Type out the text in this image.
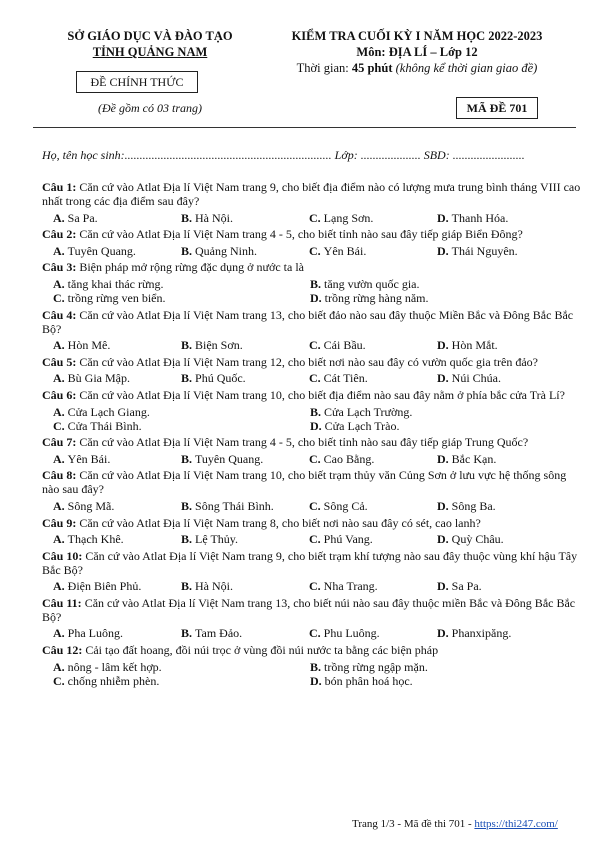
SỞ GIÁO DỤC VÀ ĐÀO TẠO
TỈNH QUẢNG NAM
ĐỀ CHÍNH THỨC
(Đề gồm có 03 trang)
KIỂM TRA CUỐI KỲ I NĂM HỌC 2022-2023
Môn: ĐỊA LÍ – Lớp 12
Thời gian: 45 phút (không kể thời gian giao đề)
MÃ ĐỀ 701
Họ, tên học sinh:..................................................................... Lớp: .................... SBD: ........................
Câu 1: Căn cứ vào Atlat Địa lí Việt Nam trang 9, cho biết địa điểm nào có lượng mưa trung bình tháng VIII cao nhất trong các địa điểm sau đây?
A. Sa Pa.	B. Hà Nội.	C. Lạng Sơn.	D. Thanh Hóa.
Câu 2: Căn cứ vào Atlat Địa lí Việt Nam trang 4 - 5, cho biết tỉnh nào sau đây tiếp giáp Biển Đông?
A. Tuyên Quang.	B. Quảng Ninh.	C. Yên Bái.	D. Thái Nguyên.
Câu 3: Biện pháp mở rộng rừng đặc dụng ở nước ta là
A. tăng khai thác rừng.	B. tăng vườn quốc gia.
C. trồng rừng ven biển.	D. trồng rừng hàng năm.
Câu 4: Căn cứ vào Atlat Địa lí Việt Nam trang 13, cho biết đảo nào sau đây thuộc Miền Bắc và Đông Bắc Bắc Bộ?
A. Hòn Mê.	B. Biện Sơn.	C. Cái Bầu.	D. Hòn Mắt.
Câu 5: Căn cứ vào Atlat Địa lí Việt Nam trang 12, cho biết nơi nào sau đây có vườn quốc gia trên đảo?
A. Bù Gia Mập.	B. Phú Quốc.	C. Cát Tiên.	D. Núi Chúa.
Câu 6: Căn cứ vào Atlat Địa lí Việt Nam trang 10, cho biết địa điểm nào sau đây nằm ở phía bắc cửa Trà Lí?
A. Cửa Lạch Giang.	B. Cửa Lạch Trường.
C. Cửa Thái Bình.	D. Cửa Lạch Trào.
Câu 7: Căn cứ vào Atlat Địa lí Việt Nam trang 4 - 5, cho biết tỉnh nào sau đây tiếp giáp Trung Quốc?
A. Yên Bái.	B. Tuyên Quang.	C. Cao Bằng.	D. Bắc Kạn.
Câu 8: Căn cứ vào Atlat Địa lí Việt Nam trang 10, cho biết trạm thủy văn Củng Sơn ở lưu vực hệ thống sông nào sau đây?
A. Sông Mã.	B. Sông Thái Bình.	C. Sông Cả.	D. Sông Ba.
Câu 9: Căn cứ vào Atlat Địa lí Việt Nam trang 8, cho biết nơi nào sau đây có sét, cao lanh?
A. Thạch Khê.	B. Lệ Thủy.	C. Phú Vang.	D. Quỳ Châu.
Câu 10: Căn cứ vào Atlat Địa lí Việt Nam trang 9, cho biết trạm khí tượng nào sau đây thuộc vùng khí hậu Tây Bắc Bộ?
A. Điện Biên Phủ.	B. Hà Nội.	C. Nha Trang.	D. Sa Pa.
Câu 11: Căn cứ vào Atlat Địa lí Việt Nam trang 13, cho biết núi nào sau đây thuộc miền Bắc và Đông Bắc Bắc Bộ?
A. Pha Luông.	B. Tam Đảo.	C. Phu Luông.	D. Phanxipăng.
Câu 12: Cải tạo đất hoang, đồi núi trọc ở vùng đồi núi nước ta bằng các biện pháp
A. nông - lâm kết hợp.	B. trồng rừng ngập mặn.
C. chống nhiễm phèn.	D. bón phân hoá học.
Trang 1/3 - Mã đề thi 701 - https://thi247.com/
